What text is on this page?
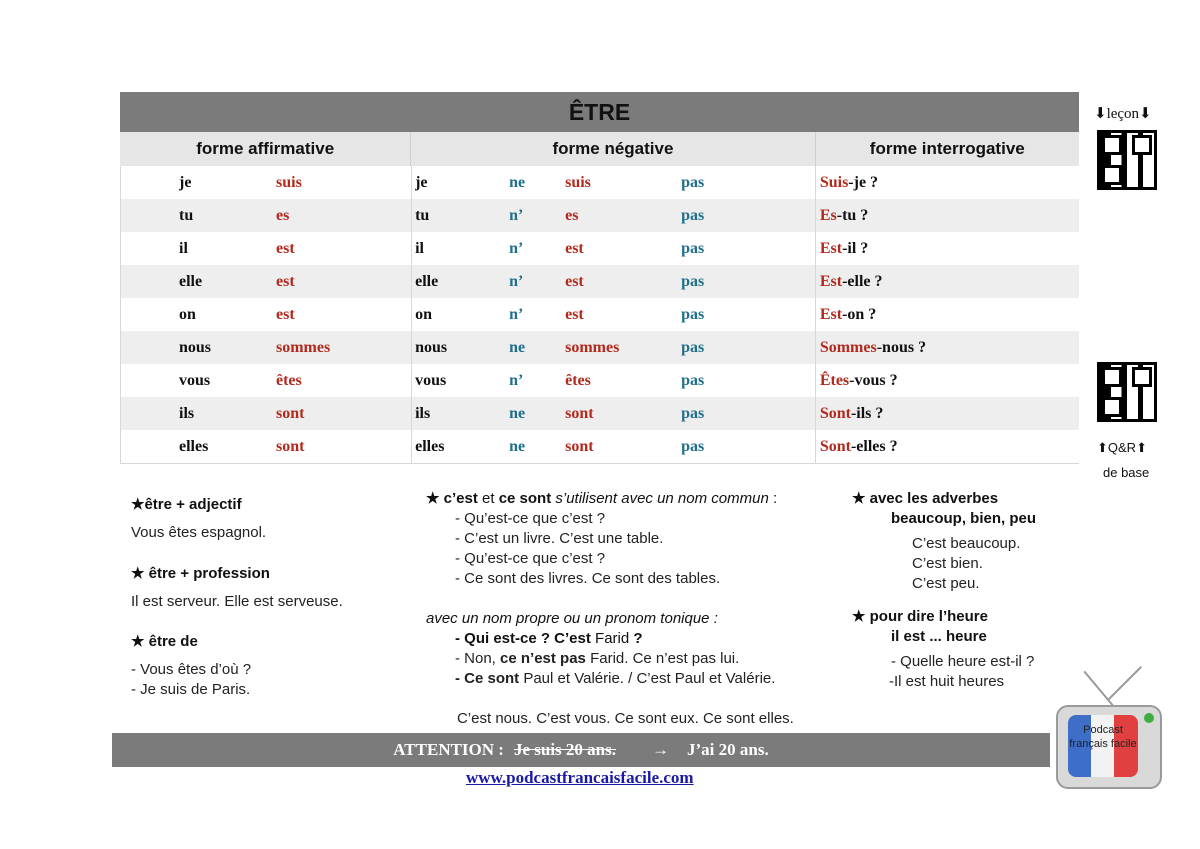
ÊTRE
forme affirmative	forme négative	forme interrogative
je	suis	je	ne	suis	pas	Suis-je ?
tu	es	tu	n’	es	pas	Es-tu ?
il	est	il	n’	est	pas	Est-il ?
elle	est	elle	n’	est	pas	Est-elle ?
on	est	on	n’	est	pas	Est-on ?
nous	sommes	nous	ne	sommes	pas	Sommes-nous ?
vous	êtes	vous	n’	êtes	pas	Êtes-vous ?
ils	sont	ils	ne	sont	pas	Sont-ils ?
elles	sont	elles	ne	sont	pas	Sont-elles ?
⬇leçon⬇
⬆Q&R⬆
de base
★être + adjectif
Vous êtes espagnol.
★ être + profession
Il est serveur. Elle est serveuse.
★ être de
- Vous êtes d’où ?
- Je suis de Paris.
★ c’est et ce sont s’utilisent avec un nom commun :
- Qu’est-ce que c’est ?
- C’est un livre. C’est une table.
- Qu’est-ce que c’est ?
- Ce sont des livres. Ce sont des tables.
avec un nom propre ou un pronom tonique :
- Qui est-ce ? C’est Farid ?
- Non, ce n’est pas Farid. Ce n’est pas lui.
- Ce sont Paul et Valérie. / C’est Paul et Valérie.
C’est nous. C’est vous. Ce sont eux. Ce sont elles.
★ avec les adverbes
beaucoup, bien, peu
C’est beaucoup.
C’est bien.
C’est peu.
★ pour dire l’heure
il est ... heure
- Quelle heure est-il ?
-Il est huit heures
ATTENTION : Je suis 20 ans. → J’ai 20 ans.
www.podcastfrancaisfacile.com
Podcast français facile
